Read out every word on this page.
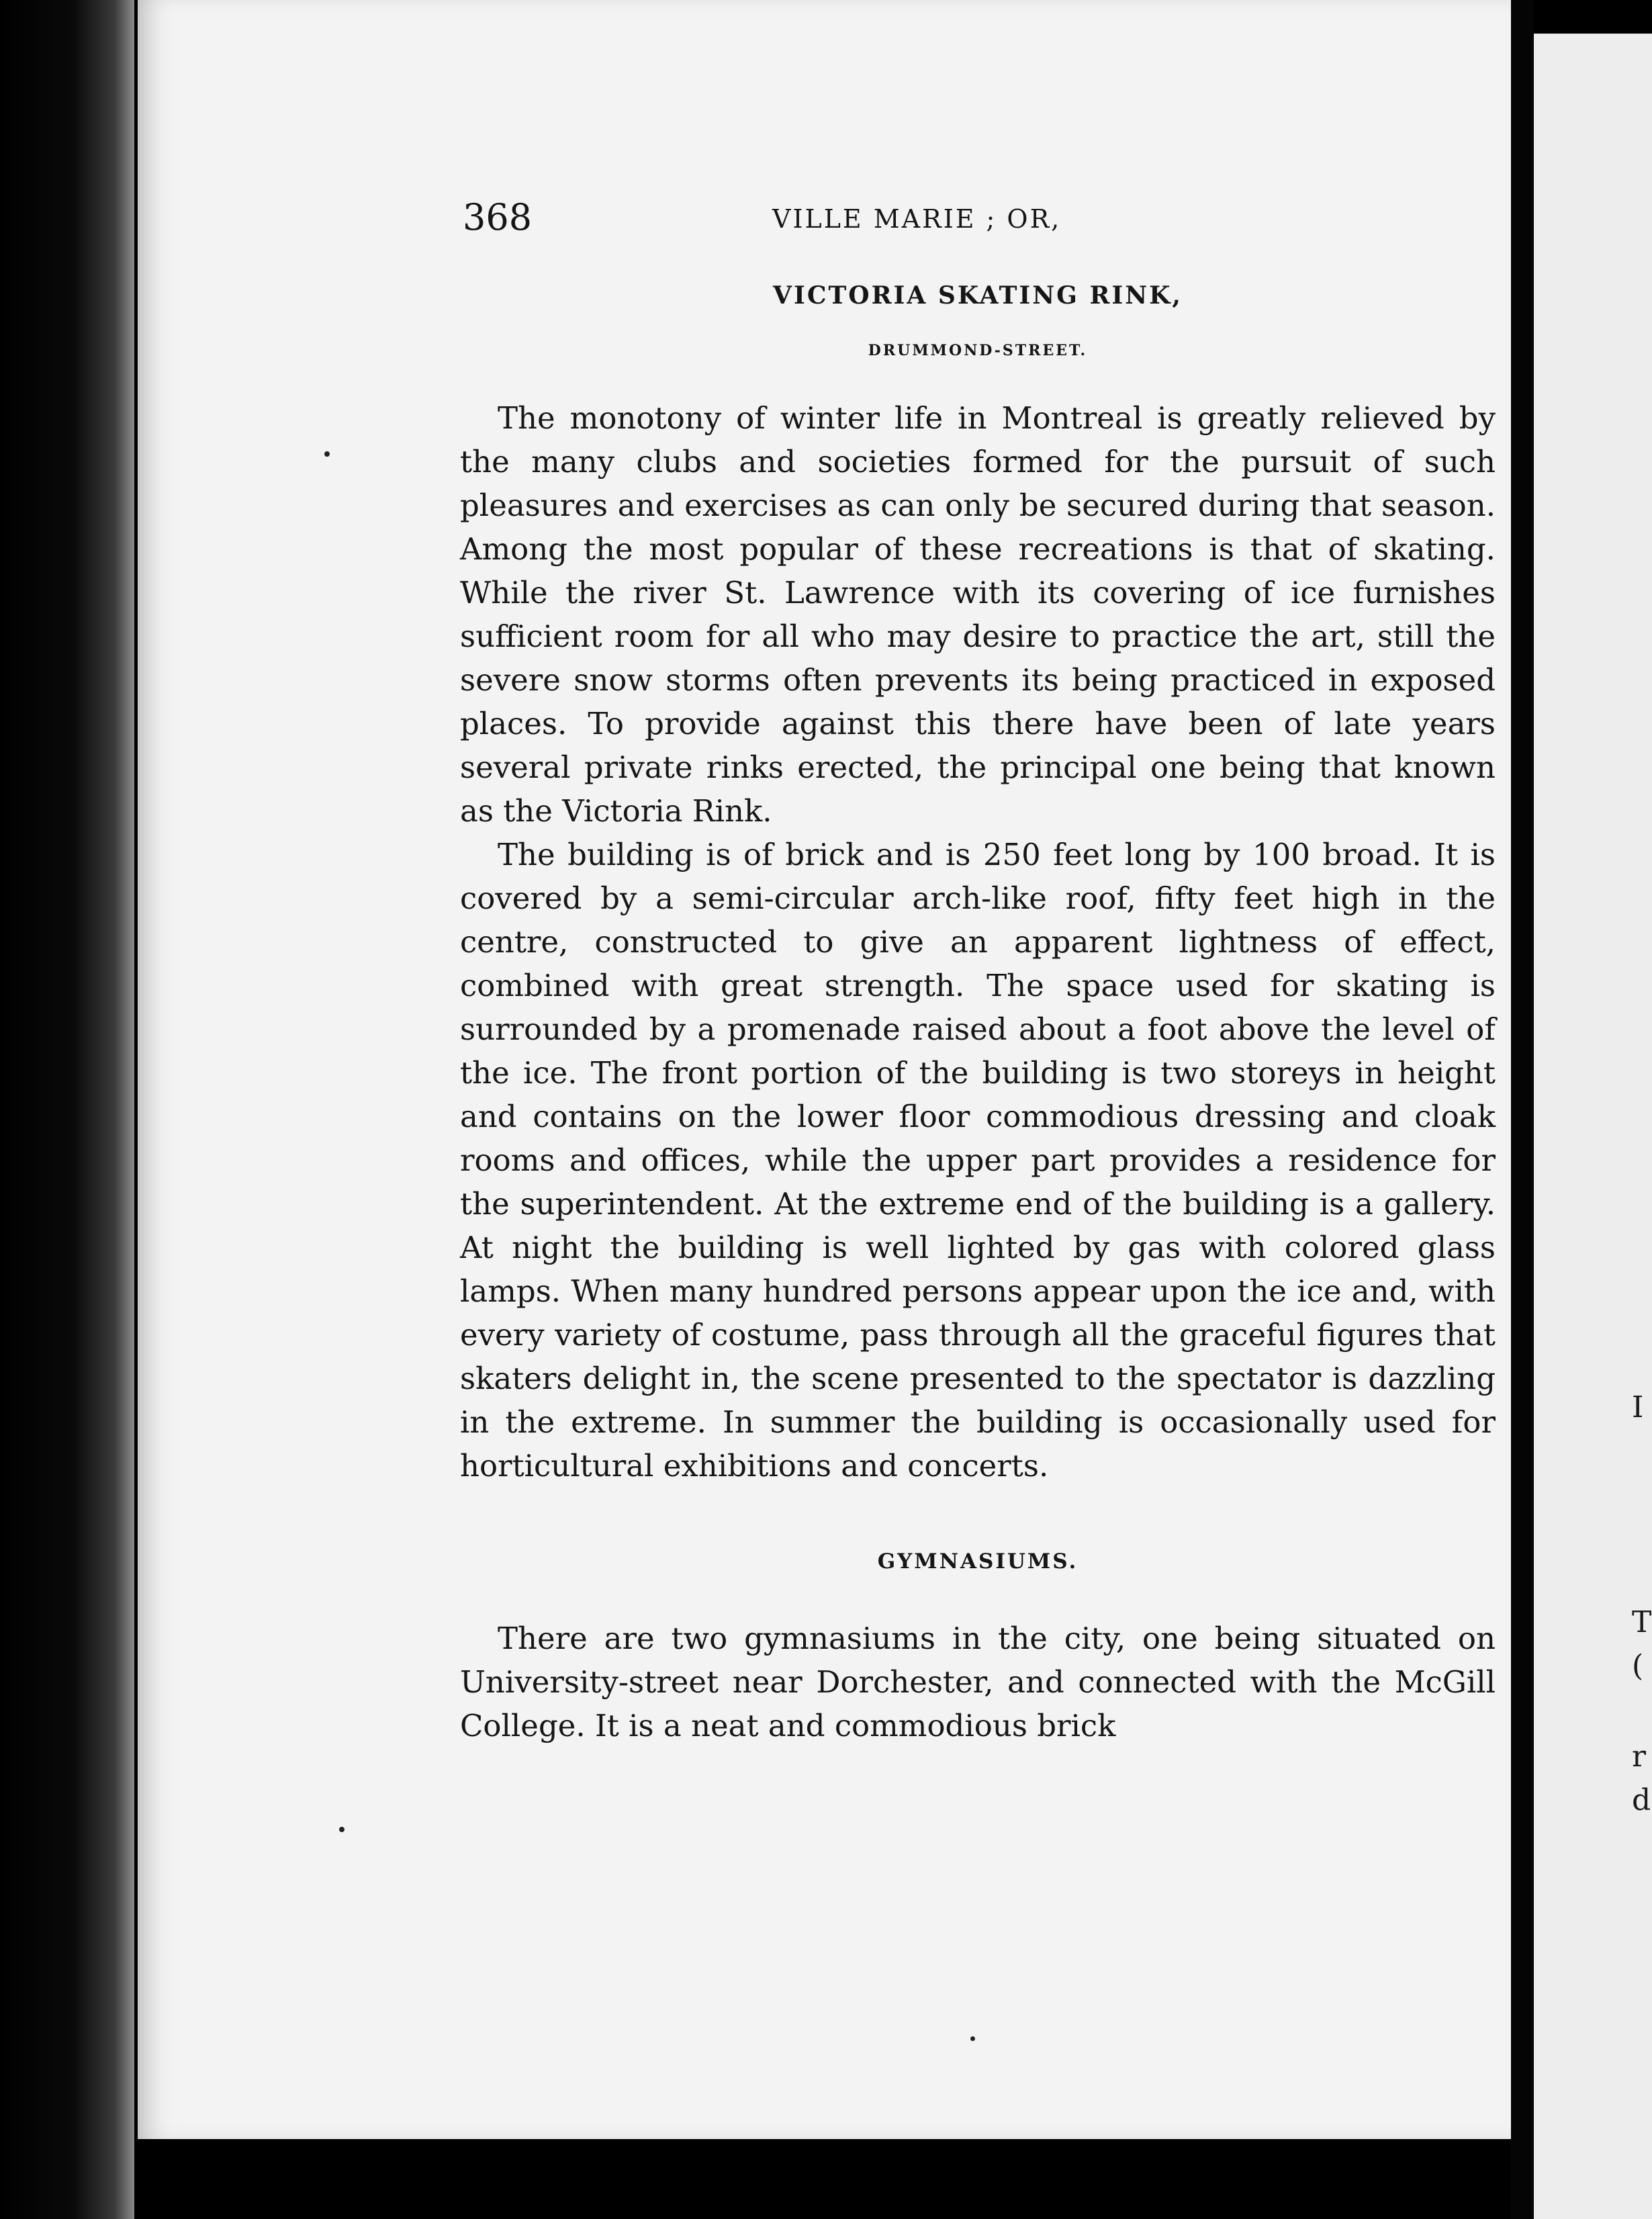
368	VILLE MARIE ; OR,
VICTORIA SKATING RINK,
DRUMMOND-STREET.

The monotony of winter life in Montreal is greatly relieved by the many clubs and societies formed for the pursuit of such pleasures and exercises as can only be secured during that season. Among the most popular of these recreations is that of skating. While the river St. Lawrence with its covering of ice furnishes sufficient room for all who may desire to practice the art, still the severe snow storms often prevents its being practiced in exposed places. To provide against this there have been of late years several private rinks erected, the principal one being that known as the Victoria Rink.

The building is of brick and is 250 feet long by 100 broad. It is covered by a semi-circular arch-like roof, fifty feet high in the centre, constructed to give an apparent lightness of effect, combined with great strength. The space used for skating is surrounded by a promenade raised about a foot above the level of the ice. The front portion of the building is two storeys in height and contains on the lower floor commodious dressing and cloak rooms and offices, while the upper part provides a residence for the superintendent. At the extreme end of the building is a gallery. At night the building is well lighted by gas with colored glass lamps. When many hundred persons appear upon the ice and, with every variety of costume, pass through all the graceful figures that skaters delight in, the scene presented to the spectator is dazzling in the extreme. In summer the building is occasionally used for horticultural exhibitions and concerts.

GYMNASIUMS.

There are two gymnasiums in the city, one being situated on University-street near Dorchester, and connected with the McGill College. It is a neat and commodious brick

I
T
(
r
d
